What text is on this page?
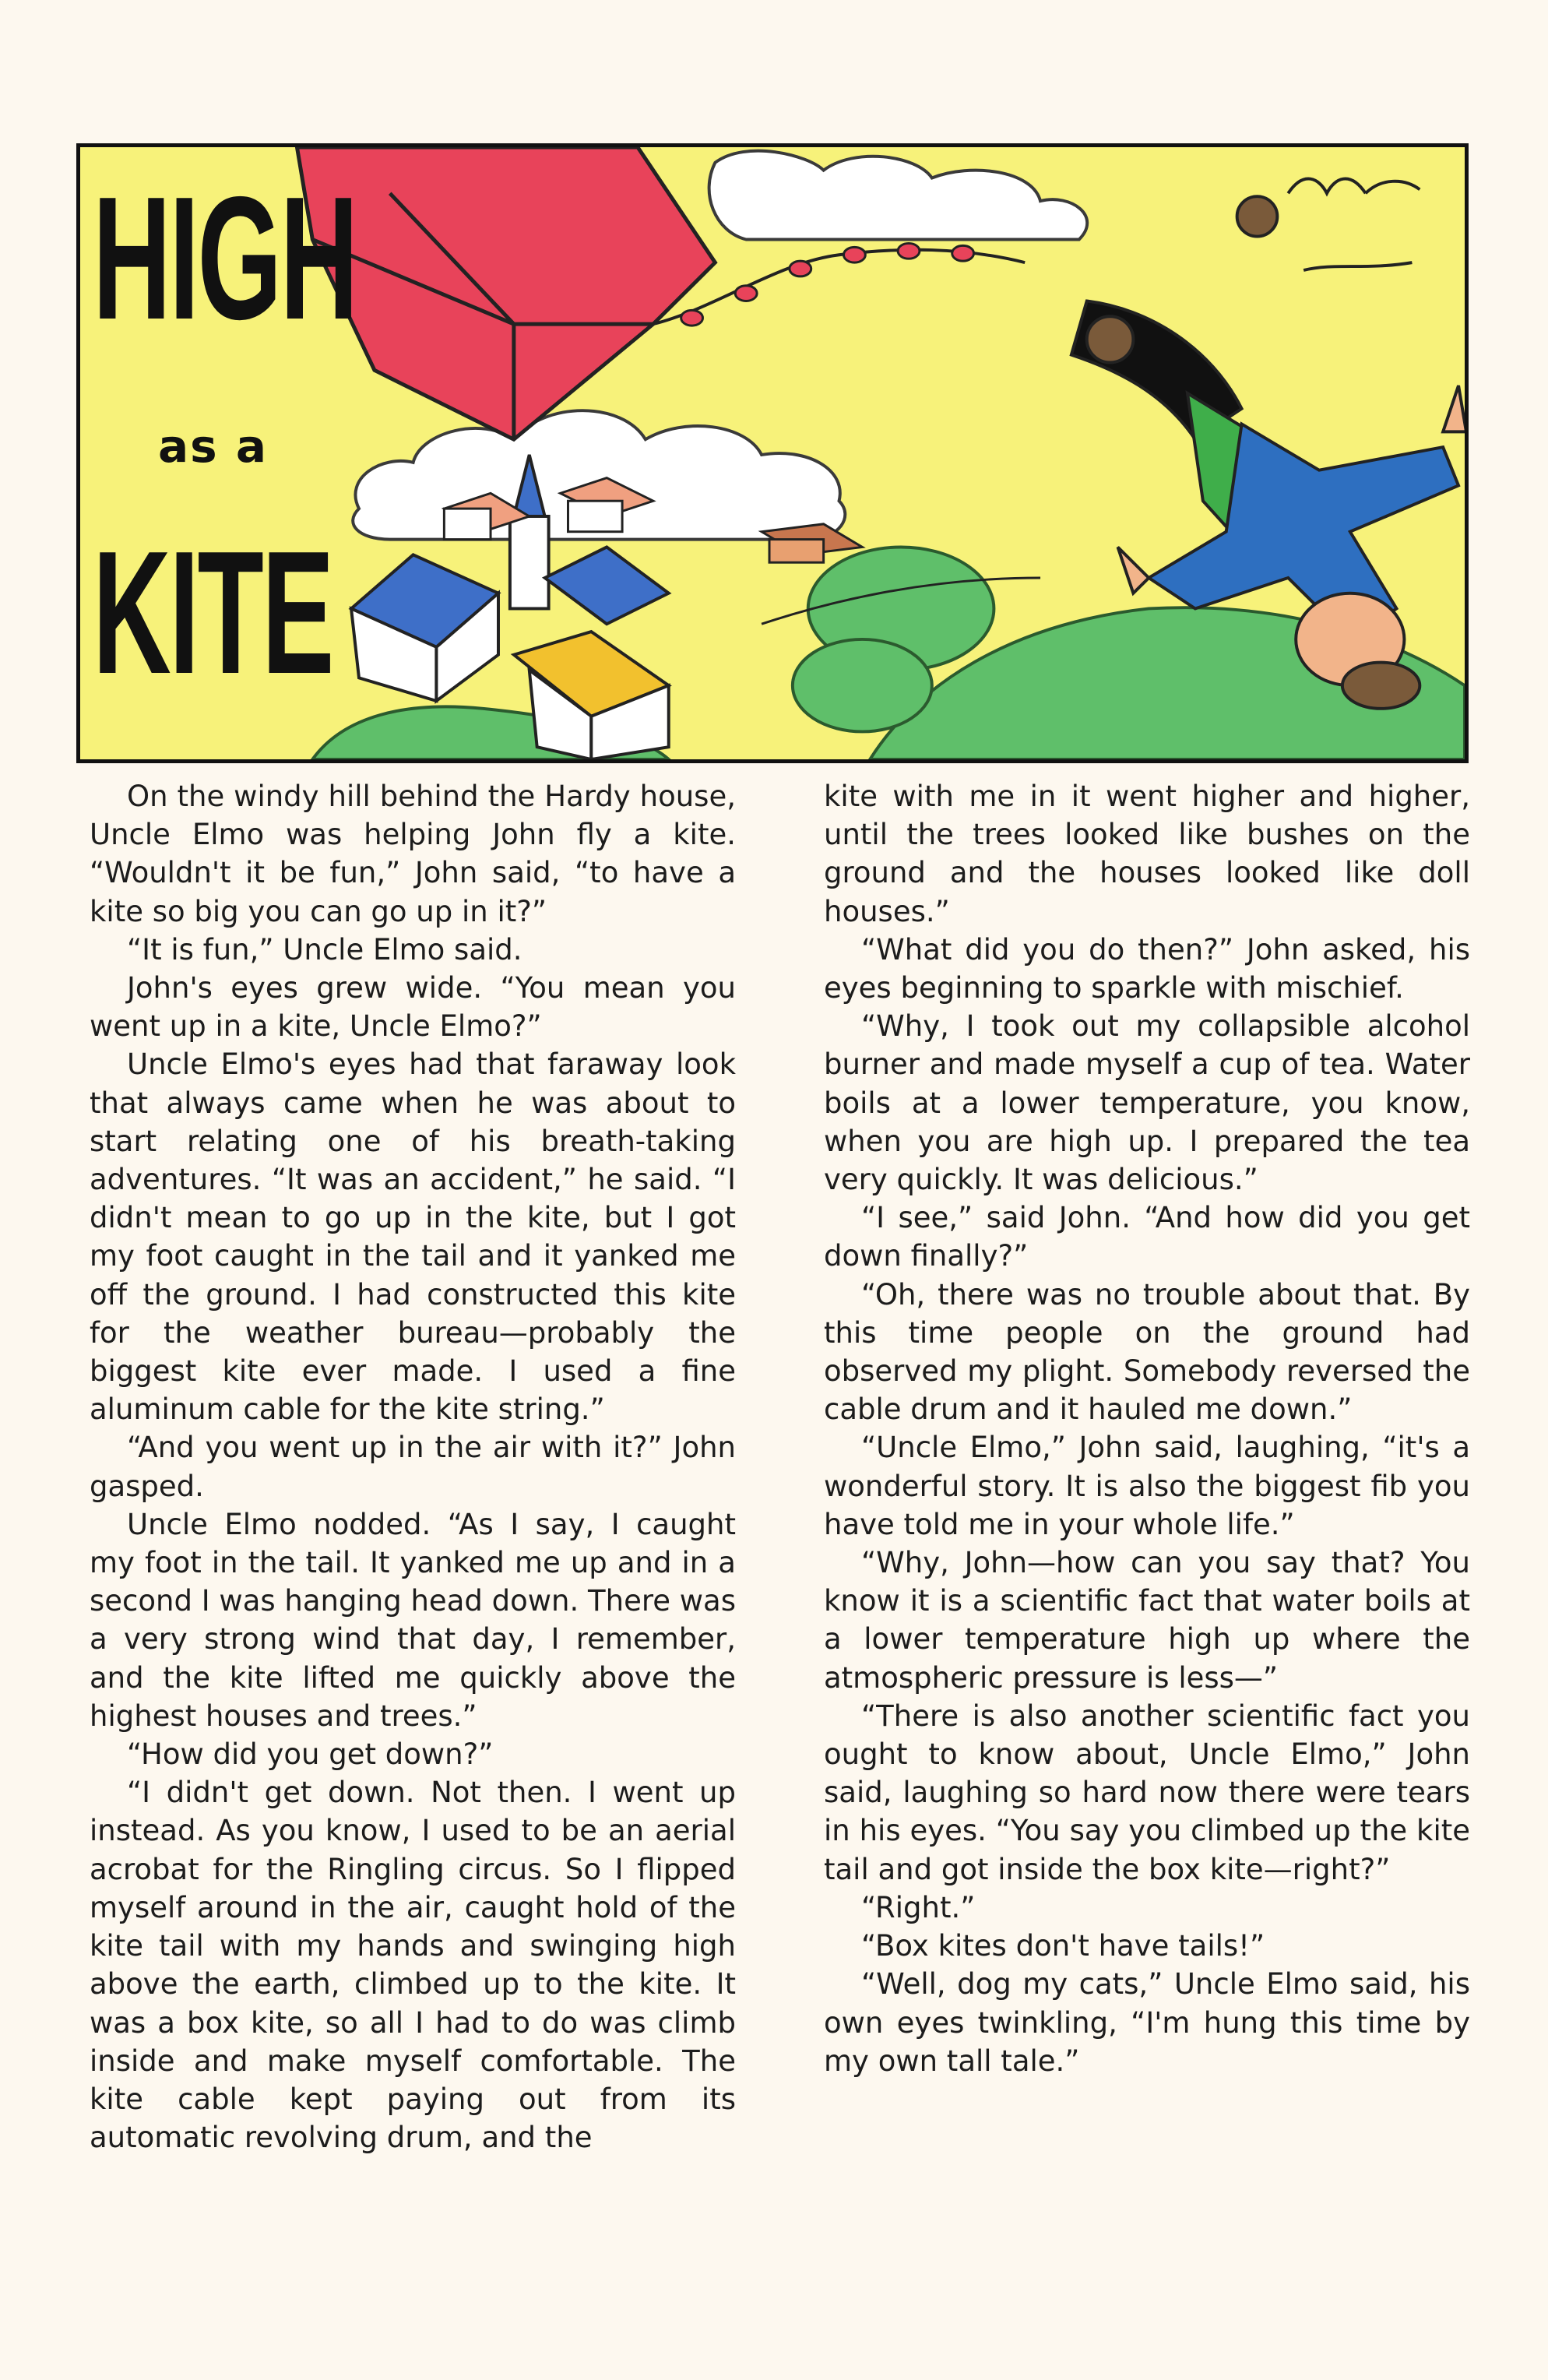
HIGH
as a
KITE

On the windy hill behind the Hardy house, Uncle Elmo was helping John fly a kite. “Wouldn't it be fun,” John said, “to have a kite so big you can go up in it?”

“It is fun,” Uncle Elmo said.

John's eyes grew wide. “You mean you went up in a kite, Uncle Elmo?”

Uncle Elmo's eyes had that faraway look that always came when he was about to start relating one of his breath-taking adventures. “It was an accident,” he said. “I didn't mean to go up in the kite, but I got my foot caught in the tail and it yanked me off the ground. I had constructed this kite for the weather bureau—probably the biggest kite ever made. I used a fine aluminum cable for the kite string.”

“And you went up in the air with it?” John gasped.

Uncle Elmo nodded. “As I say, I caught my foot in the tail. It yanked me up and in a second I was hanging head down. There was a very strong wind that day, I remember, and the kite lifted me quickly above the highest houses and trees.”

“How did you get down?”

“I didn't get down. Not then. I went up instead. As you know, I used to be an aerial acrobat for the Ringling circus. So I flipped myself around in the air, caught hold of the kite tail with my hands and swinging high above the earth, climbed up to the kite. It was a box kite, so all I had to do was climb inside and make myself comfortable. The kite cable kept paying out from its automatic revolving drum, and the

kite with me in it went higher and higher, until the trees looked like bushes on the ground and the houses looked like doll houses.”

“What did you do then?” John asked, his eyes beginning to sparkle with mischief.

“Why, I took out my collapsible alcohol burner and made myself a cup of tea. Water boils at a lower temperature, you know, when you are high up. I prepared the tea very quickly. It was delicious.”

“I see,” said John. “And how did you get down finally?”

“Oh, there was no trouble about that. By this time people on the ground had observed my plight. Somebody reversed the cable drum and it hauled me down.”

“Uncle Elmo,” John said, laughing, “it's a wonderful story. It is also the biggest fib you have told me in your whole life.”

“Why, John—how can you say that? You know it is a scientific fact that water boils at a lower temperature high up where the atmospheric pressure is less—”

“There is also another scientific fact you ought to know about, Uncle Elmo,” John said, laughing so hard now there were tears in his eyes. “You say you climbed up the kite tail and got inside the box kite—right?”

“Right.”

“Box kites don't have tails!”

“Well, dog my cats,” Uncle Elmo said, his own eyes twinkling, “I'm hung this time by my own tall tale.”
